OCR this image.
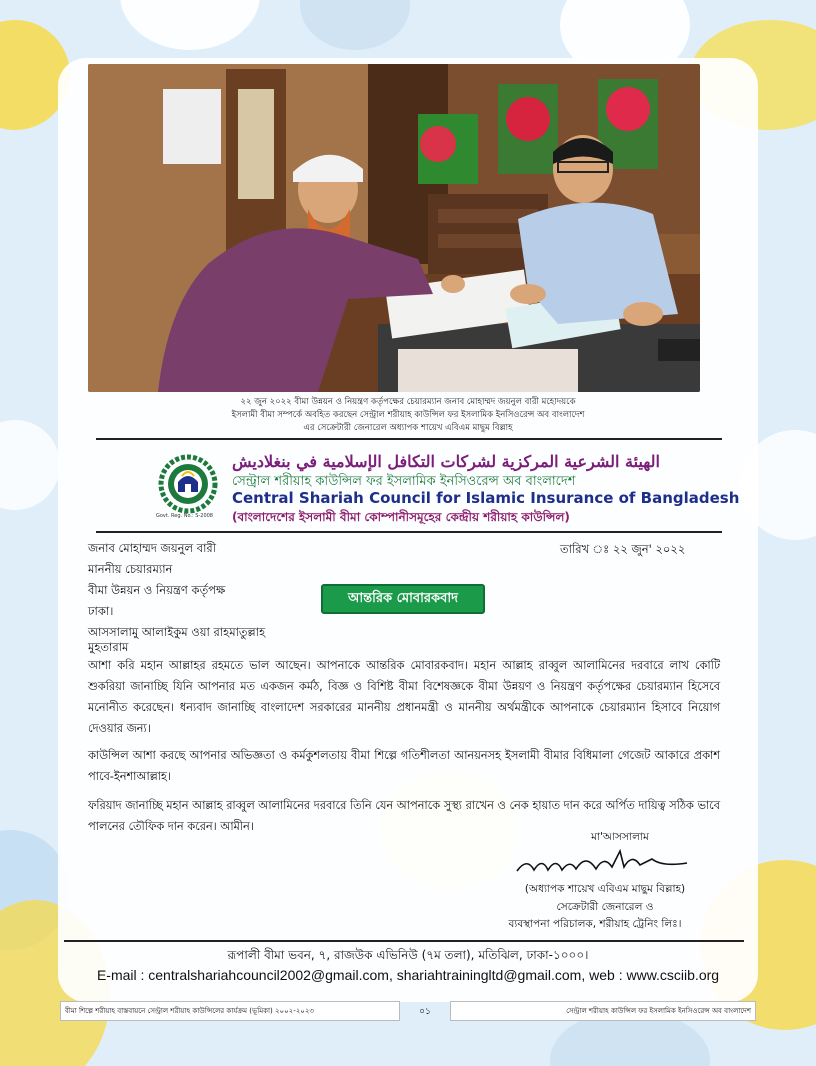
২২ জুন ২০২২ বীমা উন্নয়ন ও নিয়ন্ত্রণ কর্তৃপক্ষের চেয়ারম্যান জনাব মোহাম্মদ জয়নুল বারী মহোদয়কে
ইসলামী বীমা সম্পর্কে অবহিত করছেন সেন্ট্রাল শরীয়াহ কাউন্সিল ফর ইসলামিক ইনসিওরেন্স অব বাংলাদেশ
এর সেক্রেটারী জেনারেল অধ্যাপক শায়েখ এবিএম মাছুম বিল্লাহ
Govt. Reg. No.: S-2008
الهيئة الشرعية المركزية لشركات التكافل الإسلامية في بنغلاديش
সেন্ট্রাল শরীয়াহ কাউন্সিল ফর ইসলামিক ইনসিওরেন্স অব বাংলাদেশ
Central Shariah Council for Islamic Insurance of Bangladesh
(বাংলাদেশের ইসলামী বীমা কোম্পানীসমূহের কেন্দ্রীয় শরীয়াহ কাউন্সিল)
জনাব মোহাম্মদ জয়নুল বারী
মাননীয় চেয়ারম্যান
বীমা উন্নয়ন ও নিয়ন্ত্রণ কর্তৃপক্ষ
ঢাকা।
আসসালামু আলাইকুম ওয়া রাহমাতুল্লাহ
তারিখ ঃ ২২ জুন' ২০২২
আন্তরিক মোবারকবাদ
মুহতারাম
আশা করি মহান আল্লাহর রহমতে ভাল আছেন। আপনাকে আন্তরিক মোবারকবাদ। মহান আল্লাহ রাব্বুল আলামিনের দরবারে লাখ কোটি শুকরিয়া জানাচ্ছি যিনি আপনার মত একজন কর্মঠ, বিজ্ঞ ও বিশিষ্ট বীমা বিশেষজ্ঞকে বীমা উন্নয়ণ ও নিয়ন্ত্রণ কর্তৃপক্ষের চেয়ারম্যান হিসেবে মনোনীত করেছেন। ধন্যবাদ জানাচ্ছি বাংলাদেশ সরকারের মাননীয় প্রধানমন্ত্রী ও মাননীয় অর্থমন্ত্রীকে আপনাকে চেয়ারম্যান হিসাবে নিয়োগ দেওয়ার জন্য।
কাউন্সিল আশা করছে আপনার অভিজ্ঞতা ও কর্মকুশলতায় বীমা শিল্পে গতিশীলতা আনয়নসহ ইসলামী বীমার বিধিমালা গেজেট আকারে প্রকাশ পাবে-ইনশাআল্লাহ।
ফরিয়াদ জানাচ্ছি মহান আল্লাহ রাব্বুল আলামিনের দরবারে তিনি যেন আপনাকে সুস্থ্য রাখেন ও নেক হায়াত দান করে অর্পিত দায়িত্ব সঠিক ভাবে পালনের তৌফিক দান করেন। আমীন।
মা'আসসালাম
(অধ্যাপক শায়েখ এবিএম মাছুম বিল্লাহ)
সেক্রেটারী জেনারেল ও
ব্যবস্থাপনা পরিচালক, শরীয়াহ ট্রেনিং লিঃ।
রূপালী বীমা ভবন, ৭, রাজউক এভিনিউ (৭ম তলা), মতিঝিল, ঢাকা-১০০০।
E-mail : centralshariahcouncil2002@gmail.com, shariahtrainingltd@gmail.com, web : www.csciib.org
বীমা শিল্পে শরীয়াহ বাস্তবায়নে সেন্ট্রাল শরীয়াহ কাউন্সিলের কার্যক্রম (ভূমিকা) ২০০২-২০২৩	০১	সেন্ট্রাল শরীয়াহ কাউন্সিল ফর ইসলামিক ইনসিওরেন্স অব বাংলাদেশ
